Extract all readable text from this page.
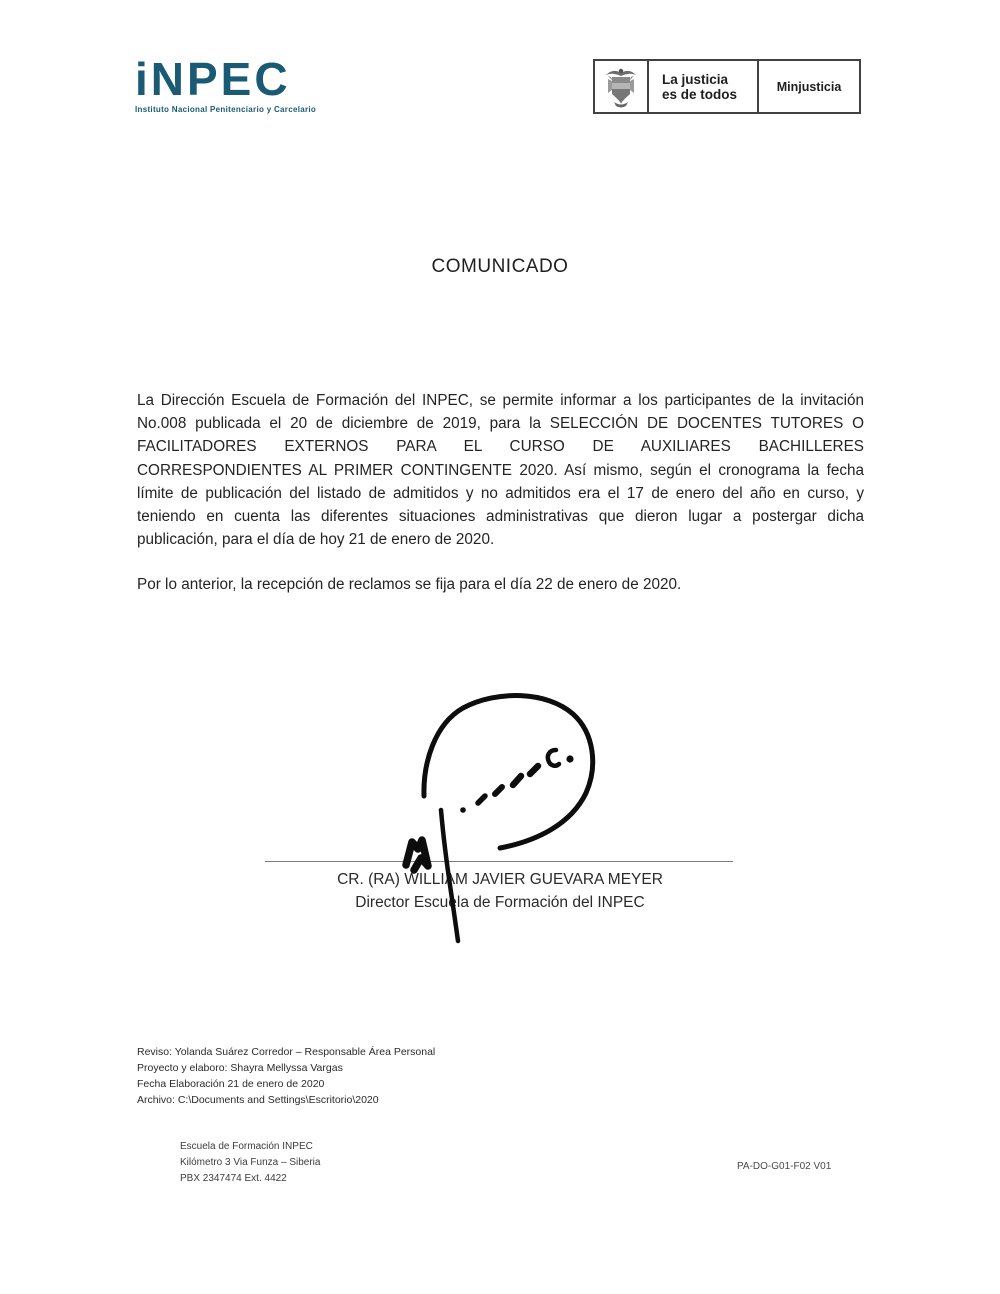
iNPEC
Instituto Nacional Penitenciario y Carcelario
La justicia
es de todos	Minjusticia
COMUNICADO

La Dirección Escuela de Formación del INPEC, se permite informar a los participantes de la invitación No.008 publicada el 20 de diciembre de 2019, para la SELECCIÓN DE DOCENTES TUTORES O FACILITADORES EXTERNOS PARA EL CURSO DE AUXILIARES BACHILLERES CORRESPONDIENTES AL PRIMER CONTINGENTE 2020. Así mismo, según el cronograma la fecha límite de publicación del listado de admitidos y no admitidos era el 17 de enero del año en curso, y teniendo en cuenta las diferentes situaciones administrativas que dieron lugar a postergar dicha publicación, para el día de hoy 21 de enero de 2020.

Por lo anterior, la recepción de reclamos se fija para el día 22 de enero de 2020.

CR. (RA) WILLIAM JAVIER GUEVARA MEYER
Director Escuela de Formación del INPEC
Reviso: Yolanda Suárez Corredor – Responsable Área Personal
Proyecto y elaboro: Shayra Mellyssa Vargas
Fecha Elaboración 21 de enero de 2020
Archivo: C:\Documents and Settings\Escritorio\2020
Escuela de Formación INPEC
Kilómetro 3 Via Funza – Siberia
PBX 2347474 Ext. 4422
PA-DO-G01-F02 V01
